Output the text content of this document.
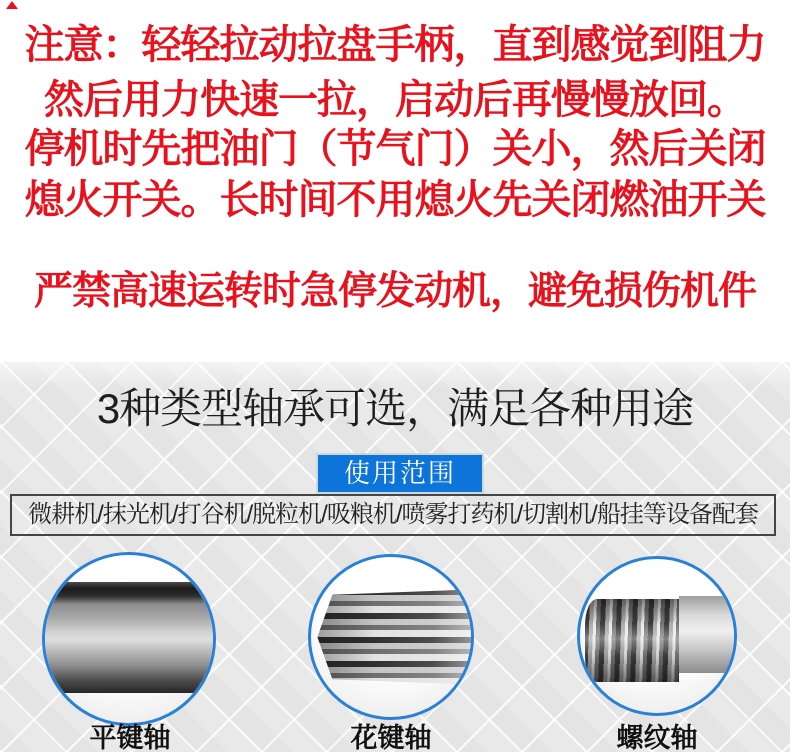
注意：轻轻拉动拉盘手柄，直到感觉到阻力
然后用力快速一拉，启动后再慢慢放回。

停机时先把油门（节气门）关小，然后关闭
熄火开关。长时间不用熄火先关闭燃油开关

严禁高速运转时急停发动机，避免损伤机件

3种类型轴承可选，满足各种用途
使用范围
微耕机/抹光机/打谷机/脱粒机/吸粮机/喷雾打药机/切割机/船挂等设备配套

平键轴	花键轴	螺纹轴
